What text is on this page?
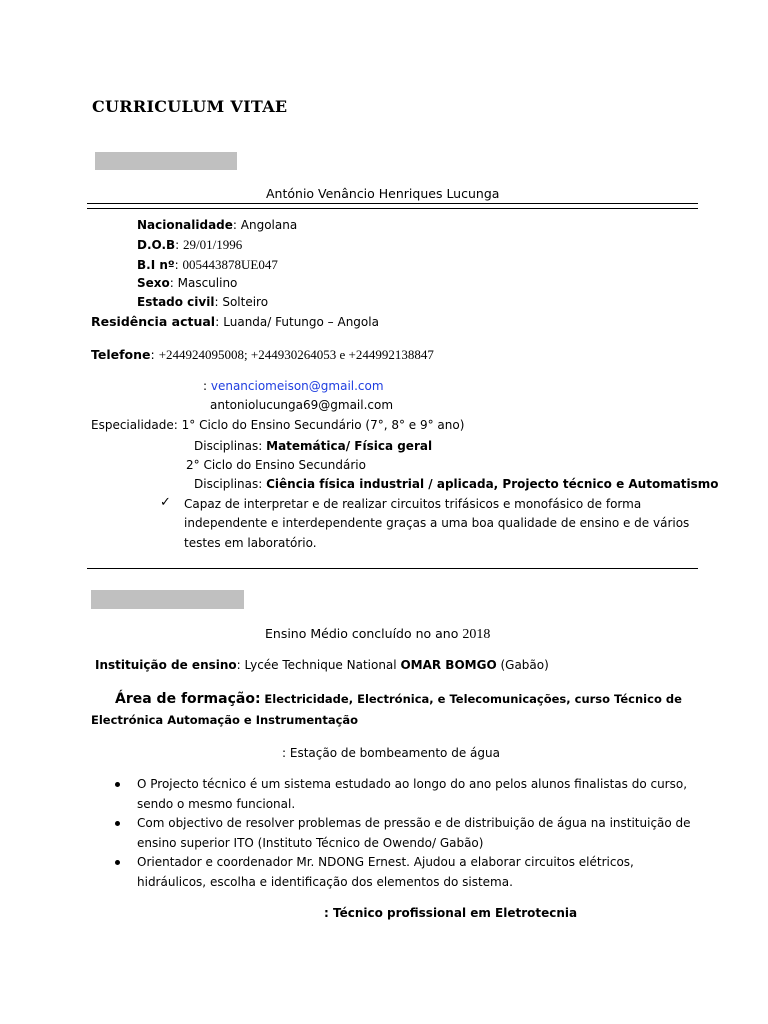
CURRICULUM VITAE
António Venâncio Henriques Lucunga
Nacionalidade: Angolana
D.O.B: 29/01/1996
B.I nº: 005443878UE047
Sexo: Masculino
Estado civil: Solteiro
Residência actual: Luanda/ Futungo – Angola
Telefone: +244924095008; +244930264053 e +244992138847
: venanciomeison@gmail.com
antoniolucunga69@gmail.com
Especialidade: 1° Ciclo do Ensino Secundário (7°, 8° e 9° ano)
Disciplinas: Matemática/ Física geral
2° Ciclo do Ensino Secundário
Disciplinas: Ciência física industrial / aplicada, Projecto técnico e Automatismo
✓ Capaz de interpretar e de realizar circuitos trifásicos e monofásico de forma
independente e interdependente graças a uma boa qualidade de ensino e de vários
testes em laboratório.
Ensino Médio concluído no ano 2018
Instituição de ensino: Lycée Technique National OMAR BOMGO (Gabão)
Área de formação: Electricidade, Electrónica, e Telecomunicações, curso Técnico de
Electrónica Automação e Instrumentação
: Estação de bombeamento de água
O Projecto técnico é um sistema estudado ao longo do ano pelos alunos finalistas do curso,
sendo o mesmo funcional.
Com objectivo de resolver problemas de pressão e de distribuição de água na instituição de
ensino superior ITO (Instituto Técnico de Owendo/ Gabão)
Orientador e coordenador Mr. NDONG Ernest. Ajudou a elaborar circuitos elétricos,
hidráulicos, escolha e identificação dos elementos do sistema.
: Técnico profissional em Eletrotecnia
